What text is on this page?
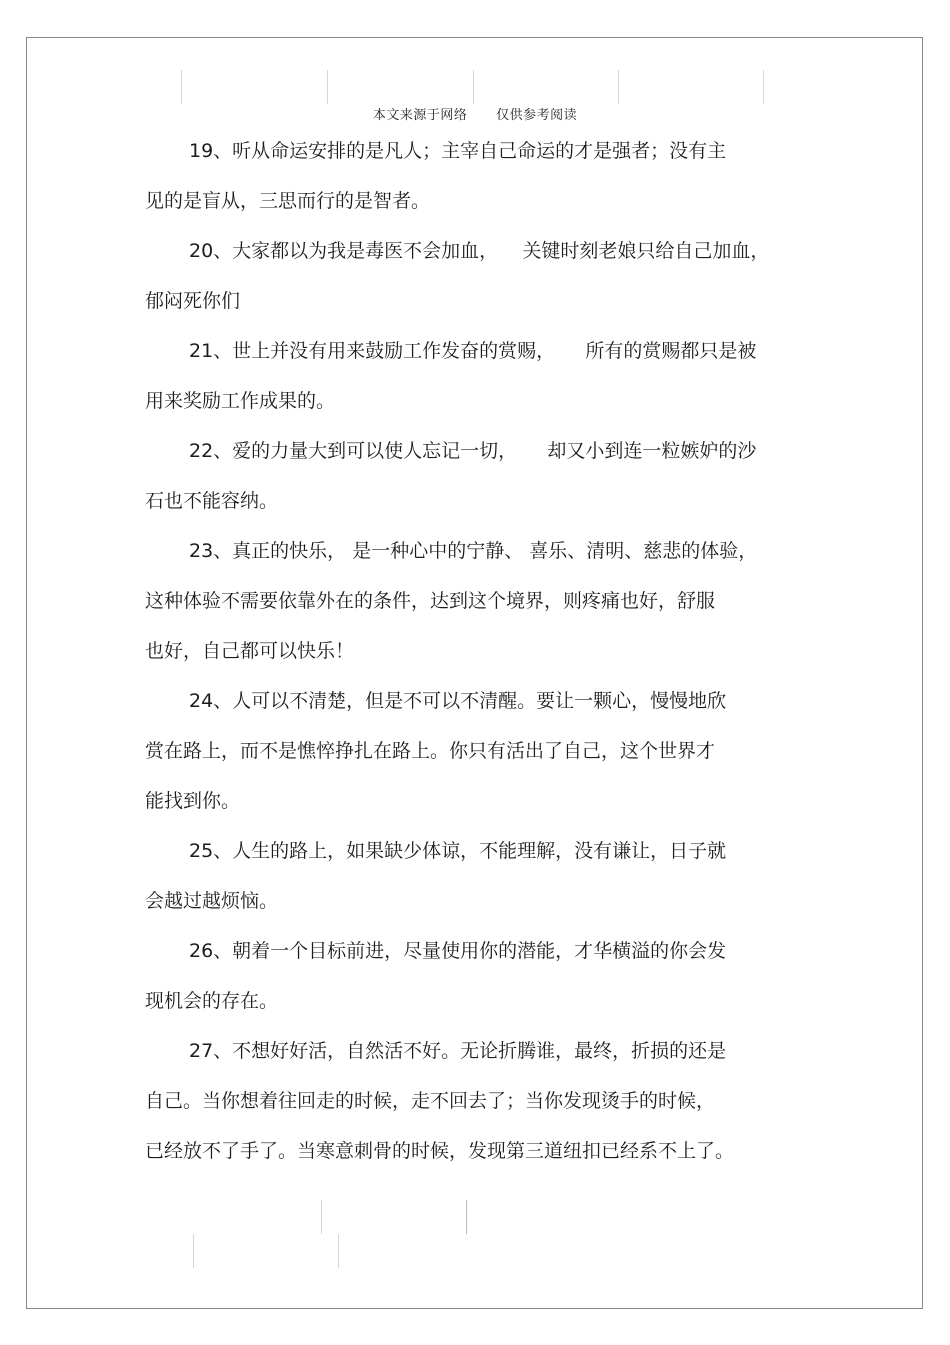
本文来源于网络 仅供参考阅读
19、听从命运安排的是凡人；主宰自己命运的才是强者；没有主
见的是盲从，三思而行的是智者。
20、大家都以为我是毒医不会加血，    关键时刻老娘只给自己加血，
郁闷死你们
21、世上并没有用来鼓励工作发奋的赏赐，     所有的赏赐都只是被
用来奖励工作成果的。
22、爱的力量大到可以使人忘记一切，     却又小到连一粒嫉妒的沙
石也不能容纳。
23、真正的快乐， 是一种心中的宁静、 喜乐、清明、慈悲的体验，
这种体验不需要依靠外在的条件，达到这个境界，则疼痛也好，舒服
也好，自己都可以快乐！
24、人可以不清楚，但是不可以不清醒。要让一颗心，慢慢地欣
赏在路上，而不是憔悴挣扎在路上。你只有活出了自己，这个世界才
能找到你。
25、人生的路上，如果缺少体谅，不能理解，没有谦让，日子就
会越过越烦恼。
26、朝着一个目标前进，尽量使用你的潜能，才华横溢的你会发
现机会的存在。
27、不想好好活，自然活不好。无论折腾谁，最终，折损的还是
自己。当你想着往回走的时候，走不回去了；当你发现烫手的时候，
已经放不了手了。当寒意刺骨的时候，发现第三道纽扣已经系不上了。
